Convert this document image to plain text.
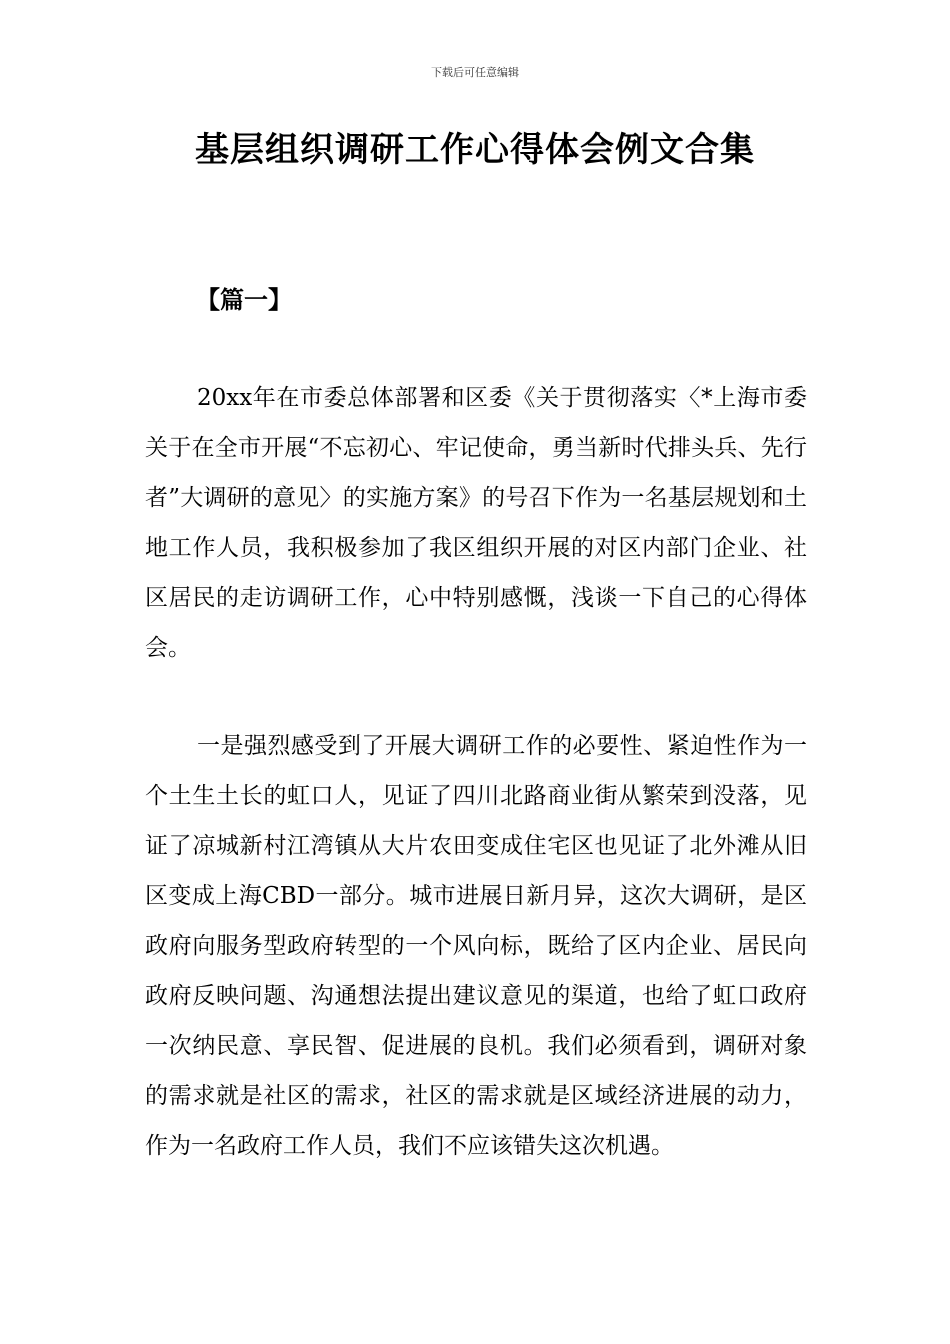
下载后可任意编辑
基层组织调研工作心得体会例文合集
【篇一】

20xx年在市委总体部署和区委《关于贯彻落实〈*上海市委关于在全市开展“不忘初心、牢记使命，勇当新时代排头兵、先行者”大调研的意见〉的实施方案》的号召下作为一名基层规划和土地工作人员，我积极参加了我区组织开展的对区内部门企业、社区居民的走访调研工作，心中特别感慨，浅谈一下自己的心得体会。

一是强烈感受到了开展大调研工作的必要性、紧迫性作为一个土生土长的虹口人，见证了四川北路商业街从繁荣到没落，见证了凉城新村江湾镇从大片农田变成住宅区也见证了北外滩从旧区变成上海CBD一部分。城市进展日新月异，这次大调研，是区政府向服务型政府转型的一个风向标，既给了区内企业、居民向政府反映问题、沟通想法提出建议意见的渠道，也给了虹口政府一次纳民意、享民智、促进展的良机。我们必须看到，调研对象的需求就是社区的需求，社区的需求就是区域经济进展的动力，作为一名政府工作人员，我们不应该错失这次机遇。
